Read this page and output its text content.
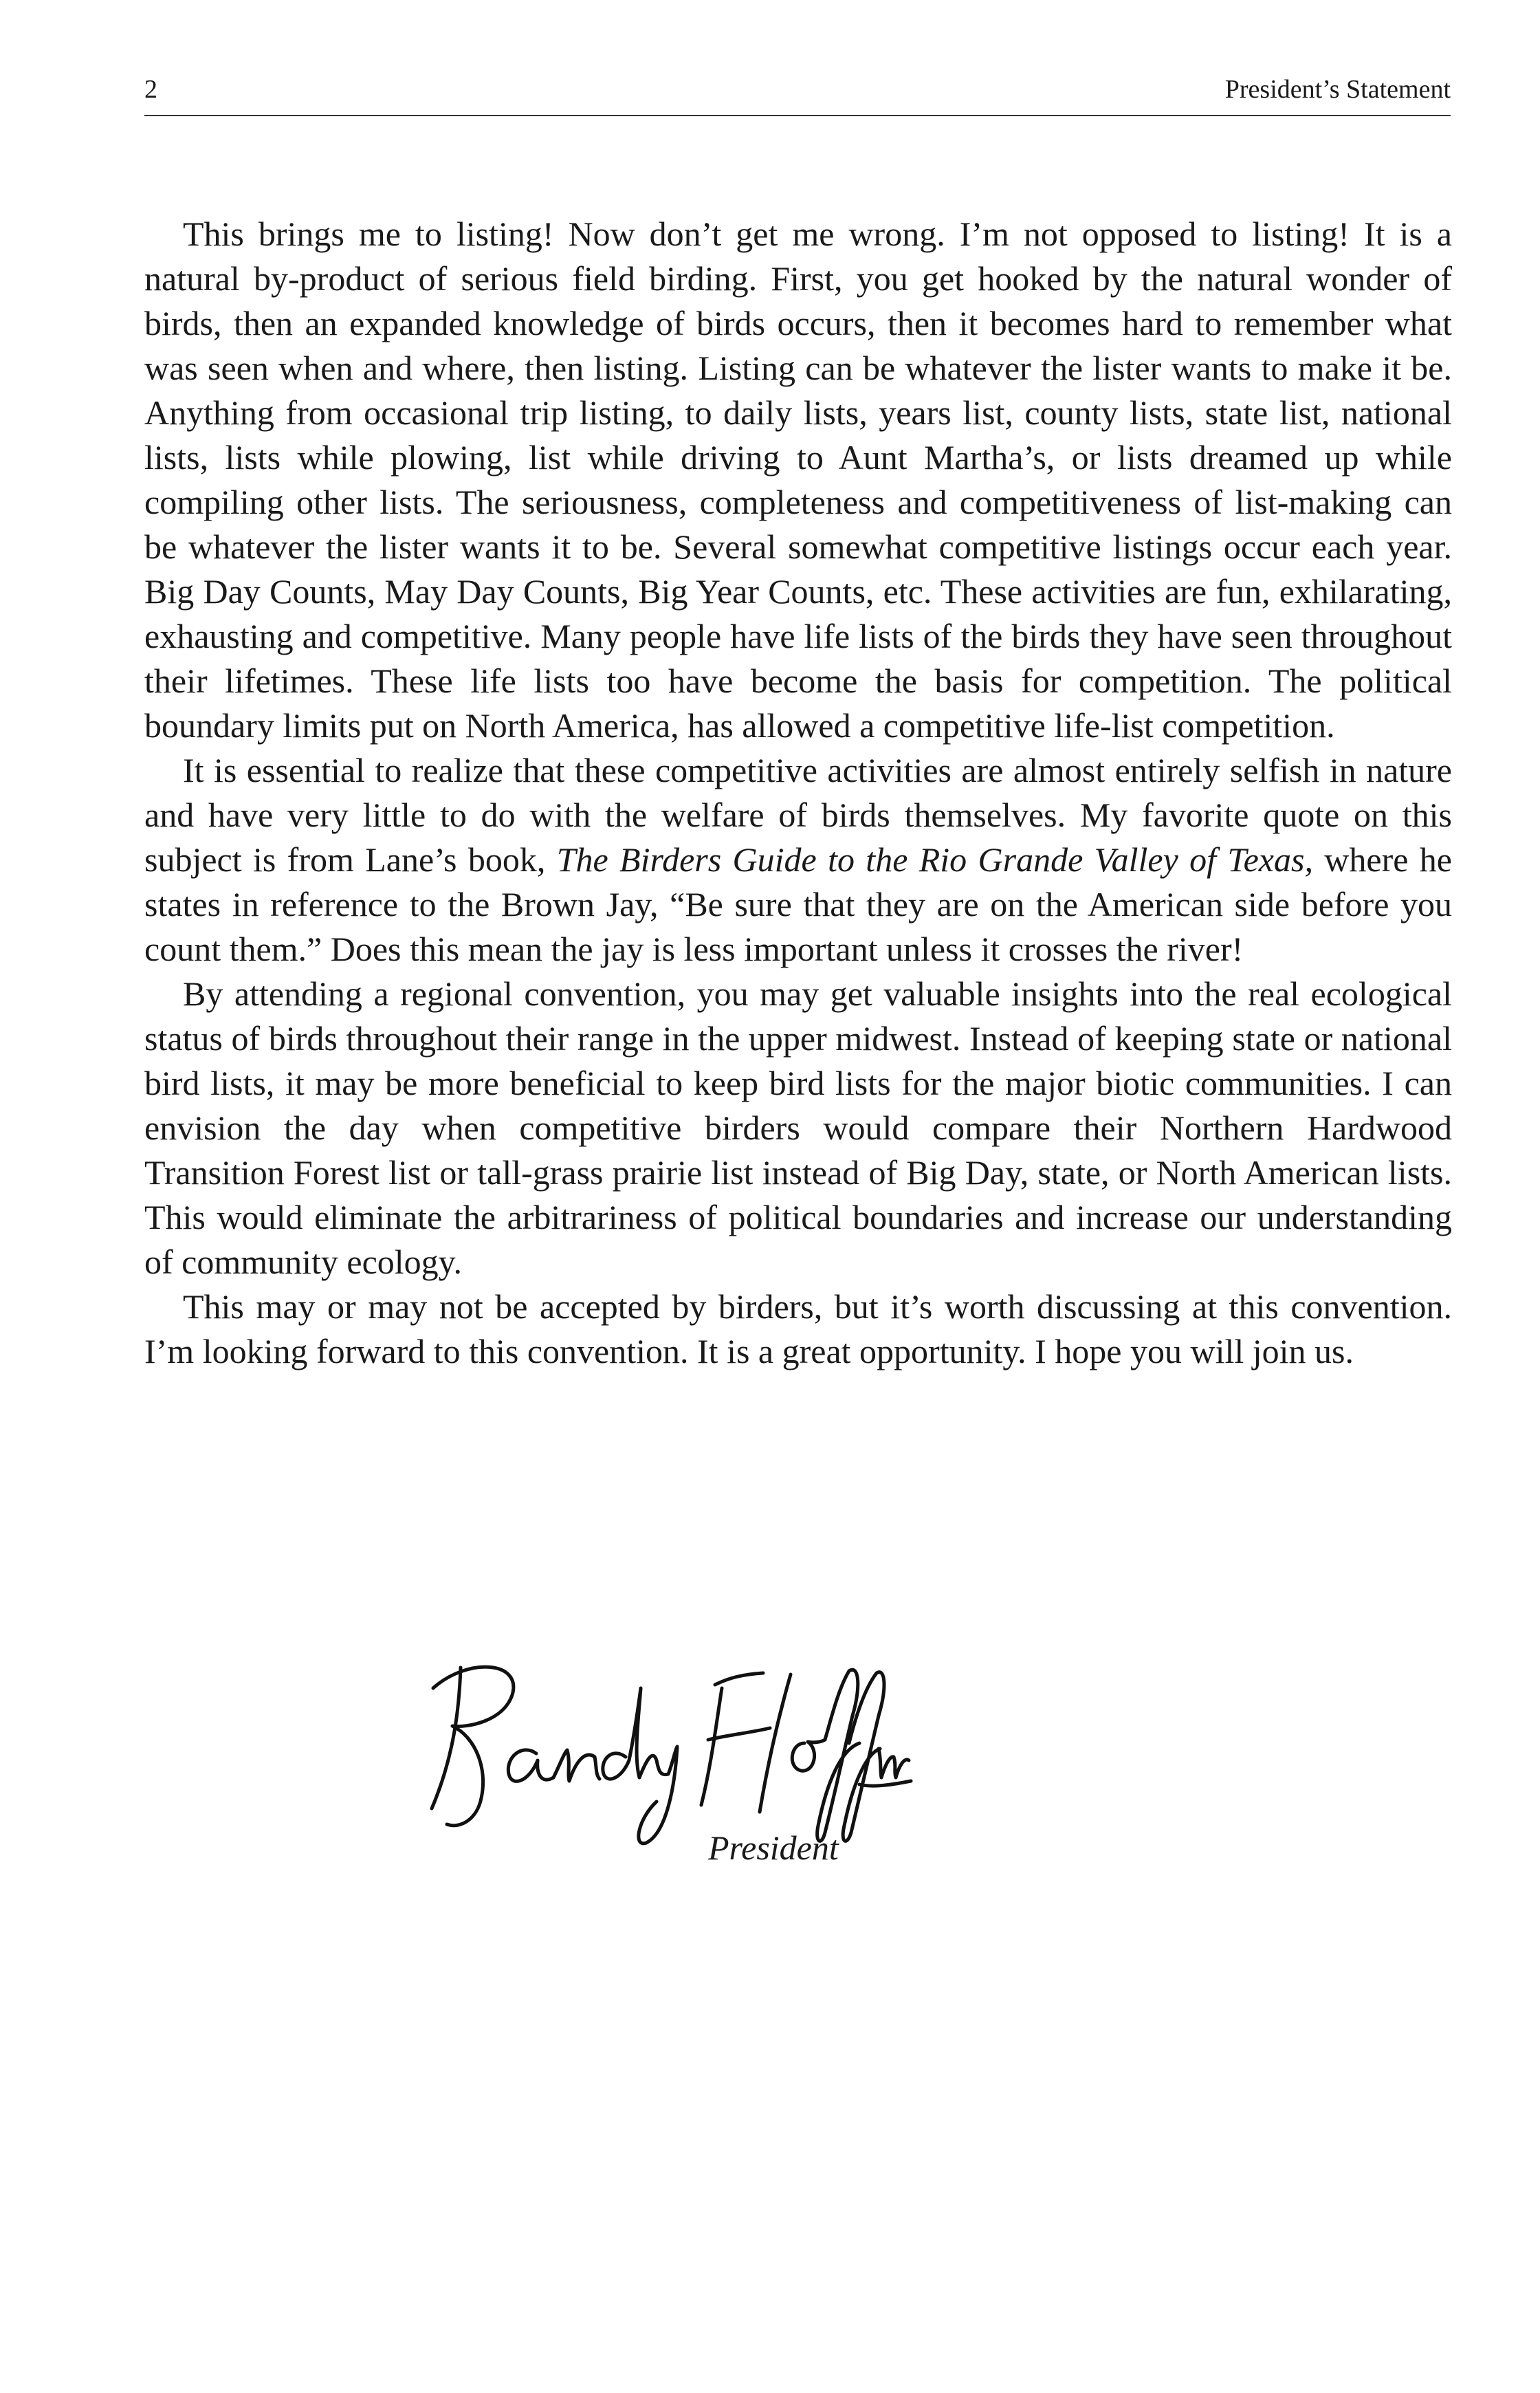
2	President’s Statement

This brings me to listing! Now don’t get me wrong. I’m not opposed to listing! It is a natural by-product of serious field birding. First, you get hooked by the natural wonder of birds, then an expanded knowledge of birds occurs, then it becomes hard to remember what was seen when and where, then listing. Listing can be whatever the lister wants to make it be. Anything from occasional trip listing, to daily lists, years list, county lists, state list, national lists, lists while plowing, list while driving to Aunt Martha’s, or lists dreamed up while compiling other lists. The seriousness, completeness and competitiveness of list-making can be whatever the lister wants it to be. Several somewhat competitive listings occur each year. Big Day Counts, May Day Counts, Big Year Counts, etc. These activities are fun, exhilarating, exhausting and competitive. Many people have life lists of the birds they have seen throughout their lifetimes. These life lists too have become the basis for competition. The political boundary limits put on North America, has allowed a competitive life-list competition.

It is essential to realize that these competitive activities are almost entirely selfish in nature and have very little to do with the welfare of birds themselves. My favorite quote on this subject is from Lane’s book, The Birders Guide to the Rio Grande Valley of Texas, where he states in reference to the Brown Jay, “Be sure that they are on the American side before you count them.” Does this mean the jay is less important unless it crosses the river!

By attending a regional convention, you may get valuable insights into the real ecological status of birds throughout their range in the upper midwest. Instead of keeping state or national bird lists, it may be more beneficial to keep bird lists for the major biotic communities. I can envision the day when competitive birders would compare their Northern Hardwood Transition Forest list or tall-grass prairie list instead of Big Day, state, or North American lists. This would eliminate the arbitrariness of political boundaries and increase our understanding of community ecology.

This may or may not be accepted by birders, but it’s worth discussing at this convention. I’m looking forward to this convention. It is a great opportunity. I hope you will join us.

President
